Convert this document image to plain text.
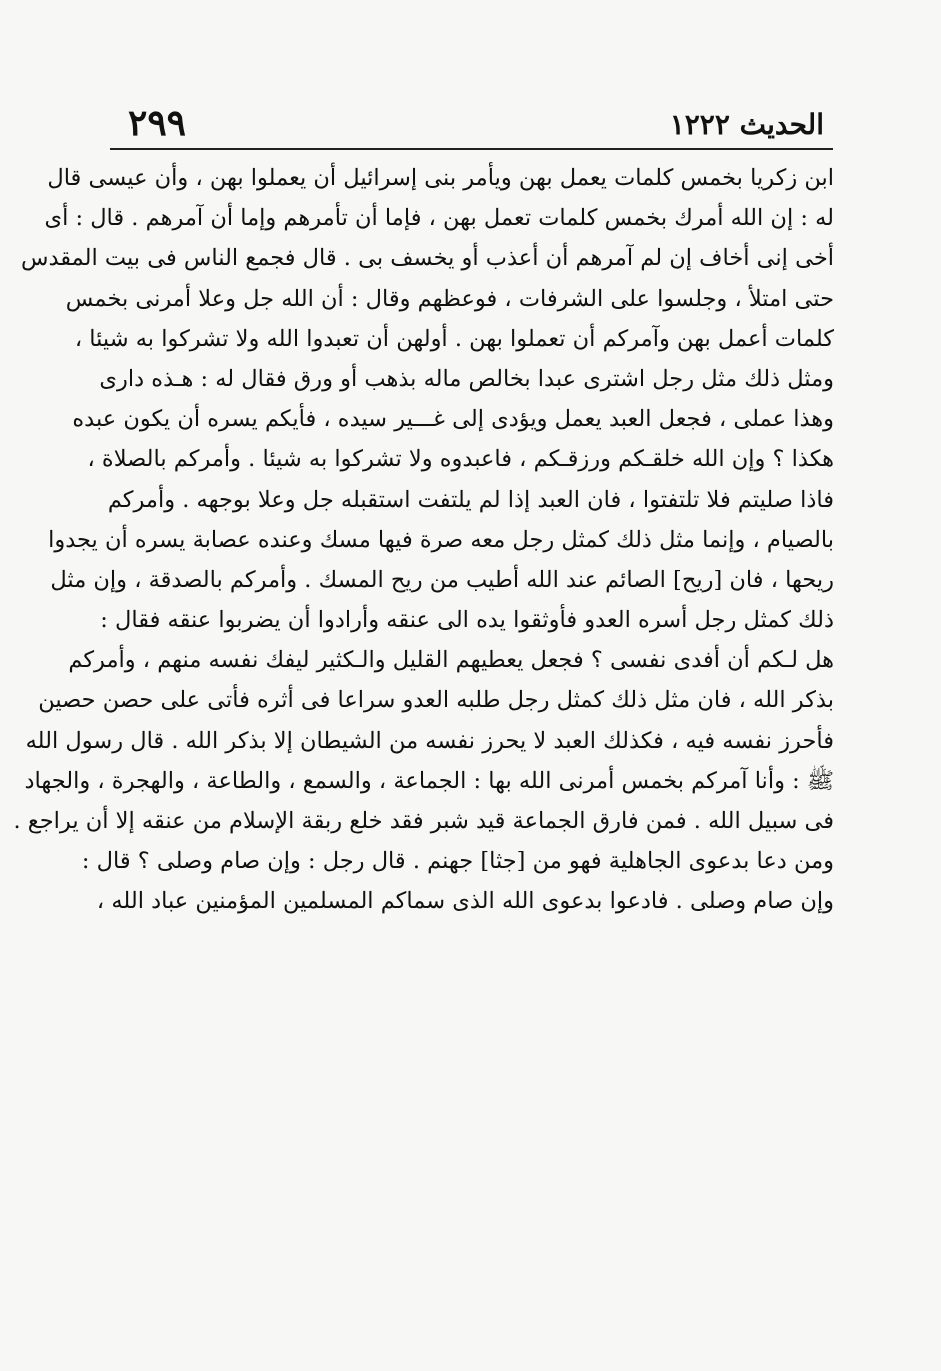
الحديث ١٢٢٢
٢٩٩
ابن زكريا بخمس كلمات يعمل بهن ويأمر بنى إسرائيل أن يعملوا بهن ، وأن عيسى قال
له : إن الله أمرك بخمس كلمات تعمل بهن ، فإما أن تأمرهم وإما أن آمرهم . قال : أى
أخى إنى أخاف إن لم آمرهم أن أعذب أو يخسف بى . قال فجمع الناس فى بيت المقدس
حتى امتلأ ، وجلسوا على الشرفات ، فوعظهم وقال : أن الله جل وعلا أمرنى بخمس
كلمات أعمل بهن وآمركم أن تعملوا بهن . أولهن أن تعبدوا الله ولا تشركوا به شيئا ،
ومثل ذلك مثل رجل اشترى عبدا بخالص ماله بذهب أو ورق فقال له : هـذه دارى
وهذا عملى ، فجعل العبد يعمل ويؤدى إلى غـــير سيده ، فأيكم يسره أن يكون عبده
هكذا ؟ وإن الله خلقـكم ورزقـكم ، فاعبدوه ولا تشركوا به شيئا . وأمركم بالصلاة ،
فاذا صليتم فلا تلتفتوا ، فان العبد إذا لم يلتفت استقبله جل وعلا بوجهه . وأمركم
بالصيام ، وإنما مثل ذلك كمثل رجل معه صرة فيها مسك وعنده عصابة يسره أن يجدوا
ريحها ، فان [ريح] الصائم عند الله أطيب من ريح المسك . وأمركم بالصدقة ، وإن مثل
ذلك كمثل رجل أسره العدو فأوثقوا يده الى عنقه وأرادوا أن يضربوا عنقه فقال :
هل لـكم أن أفدى نفسى ؟ فجعل يعطيهم القليل والـكثير ليفك نفسه منهم ، وأمركم
بذكر الله ، فان مثل ذلك كمثل رجل طلبه العدو سراعا فى أثره فأتى على حصن حصين
فأحرز نفسه فيه ، فكذلك العبد لا يحرز نفسه من الشيطان إلا بذكر الله . قال رسول الله
ﷺ : وأنا آمركم بخمس أمرنى الله بها : الجماعة ، والسمع ، والطاعة ، والهجرة ، والجهاد
فى سبيل الله . فمن فارق الجماعة قيد شبر فقد خلع ربقة الإسلام من عنقه إلا أن يراجع .
ومن دعا بدعوى الجاهلية فهو من [جثا] جهنم . قال رجل : وإن صام وصلى ؟ قال :
وإن صام وصلى . فادعوا بدعوى الله الذى سماكم المسلمين المؤمنين عباد الله ،
